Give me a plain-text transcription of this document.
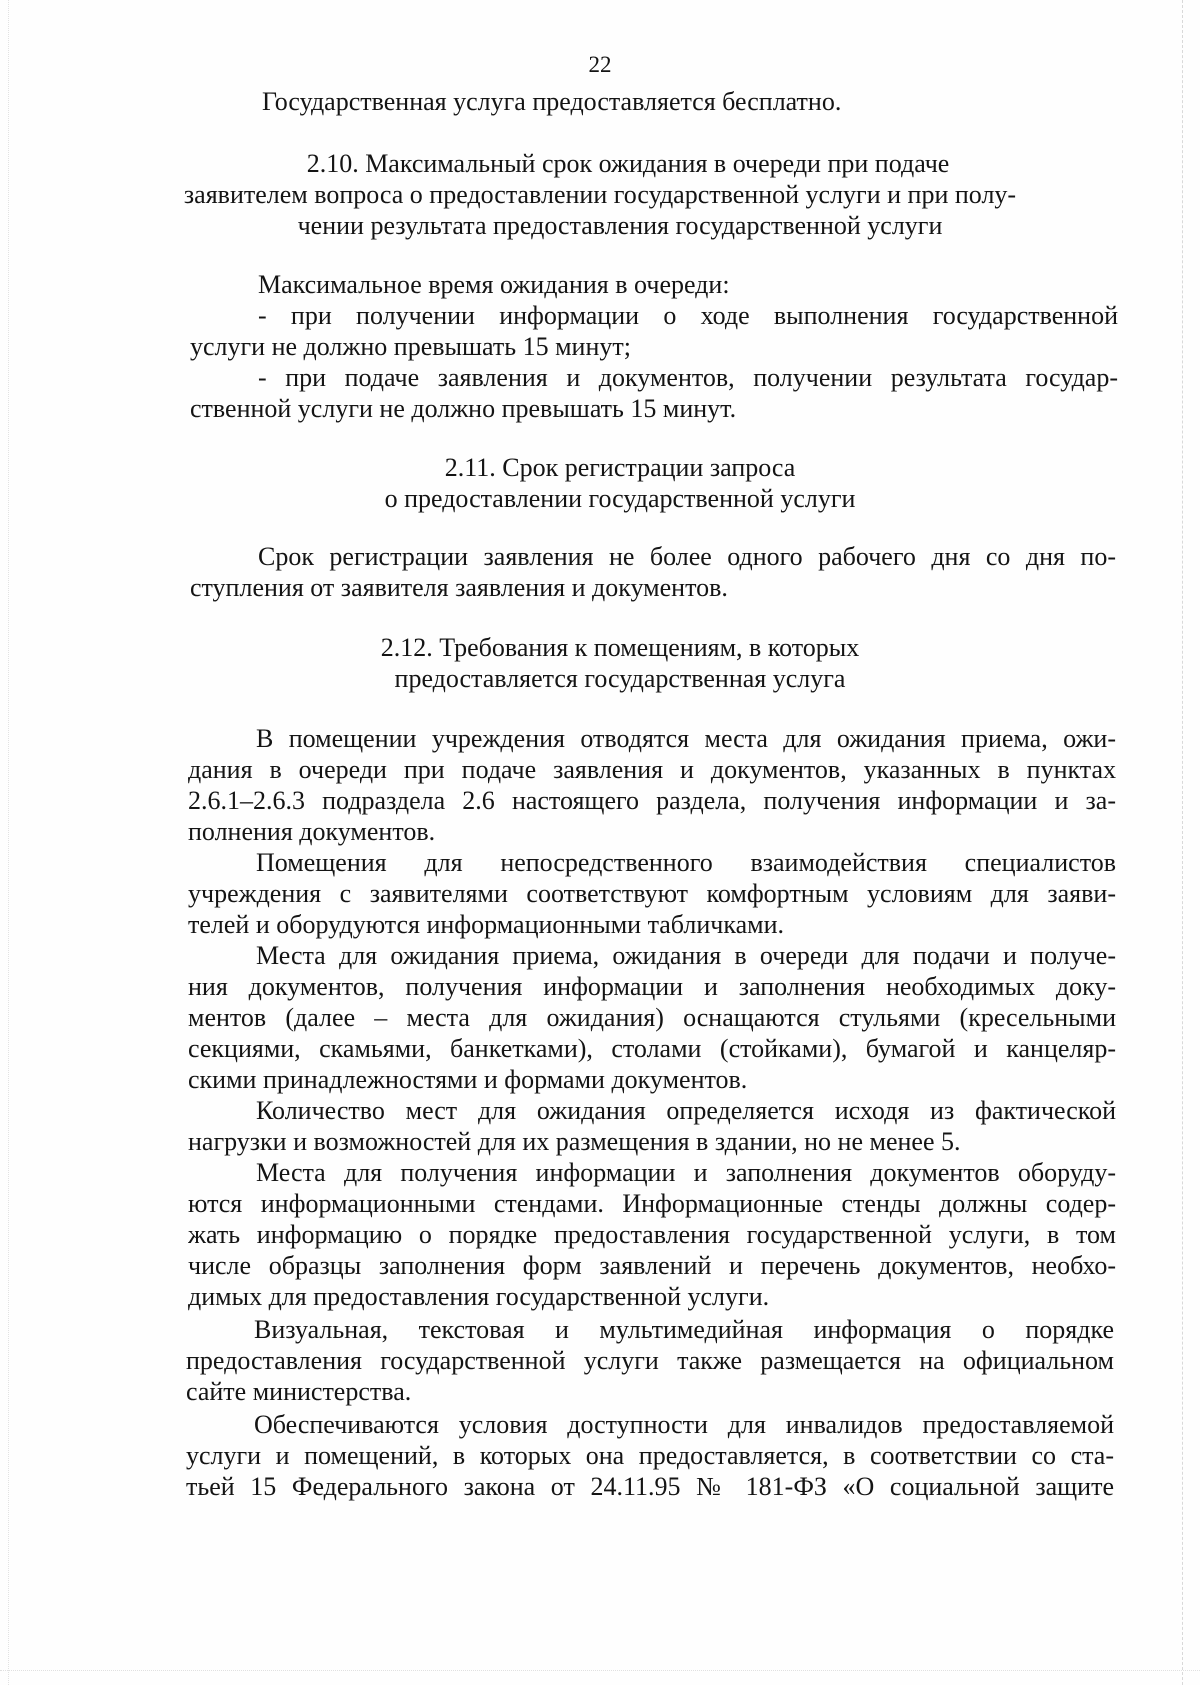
22
Государственная услуга предоставляется бесплатно.
2.10. Максимальный срок ожидания в очереди при подаче
заявителем вопроса о предоставлении государственной услуги и при полу-
чении результата предоставления государственной услуги
Максимальное время ожидания в очереди:
- при получении информации о ходе выполнения государственной
услуги не должно превышать 15 минут;
- при подаче заявления и документов, получении результата государ-
ственной услуги не должно превышать 15 минут.
2.11. Срок регистрации запроса
о предоставлении государственной услуги
Срок регистрации заявления не более одного рабочего дня со дня по-
ступления от заявителя заявления и документов.
2.12. Требования к помещениям, в которых
предоставляется государственная услуга
В помещении учреждения отводятся места для ожидания приема, ожи-
дания в очереди при подаче заявления и документов, указанных в пунктах
2.6.1–2.6.3 подраздела 2.6 настоящего раздела, получения информации и за-
полнения документов.
Помещения для непосредственного взаимодействия специалистов
учреждения с заявителями соответствуют комфортным условиям для заяви-
телей и оборудуются информационными табличками.
Места для ожидания приема, ожидания в очереди для подачи и получе-
ния документов, получения информации и заполнения необходимых доку-
ментов (далее – места для ожидания) оснащаются стульями (кресельными
секциями, скамьями, банкетками), столами (стойками), бумагой и канцеляр-
скими принадлежностями и формами документов.
Количество мест для ожидания определяется исходя из фактической
нагрузки и возможностей для их размещения в здании, но не менее 5.
Места для получения информации и заполнения документов оборуду-
ются информационными стендами. Информационные стенды должны содер-
жать информацию о порядке предоставления государственной услуги, в том
числе образцы заполнения форм заявлений и перечень документов, необхо-
димых для предоставления государственной услуги.
Визуальная, текстовая и мультимедийная информация о порядке
предоставления государственной услуги также размещается на официальном
сайте министерства.
Обеспечиваются условия доступности для инвалидов предоставляемой
услуги и помещений, в которых она предоставляется, в соответствии со ста-
тьей 15 Федерального закона от 24.11.95 № 181-ФЗ «О социальной защите
